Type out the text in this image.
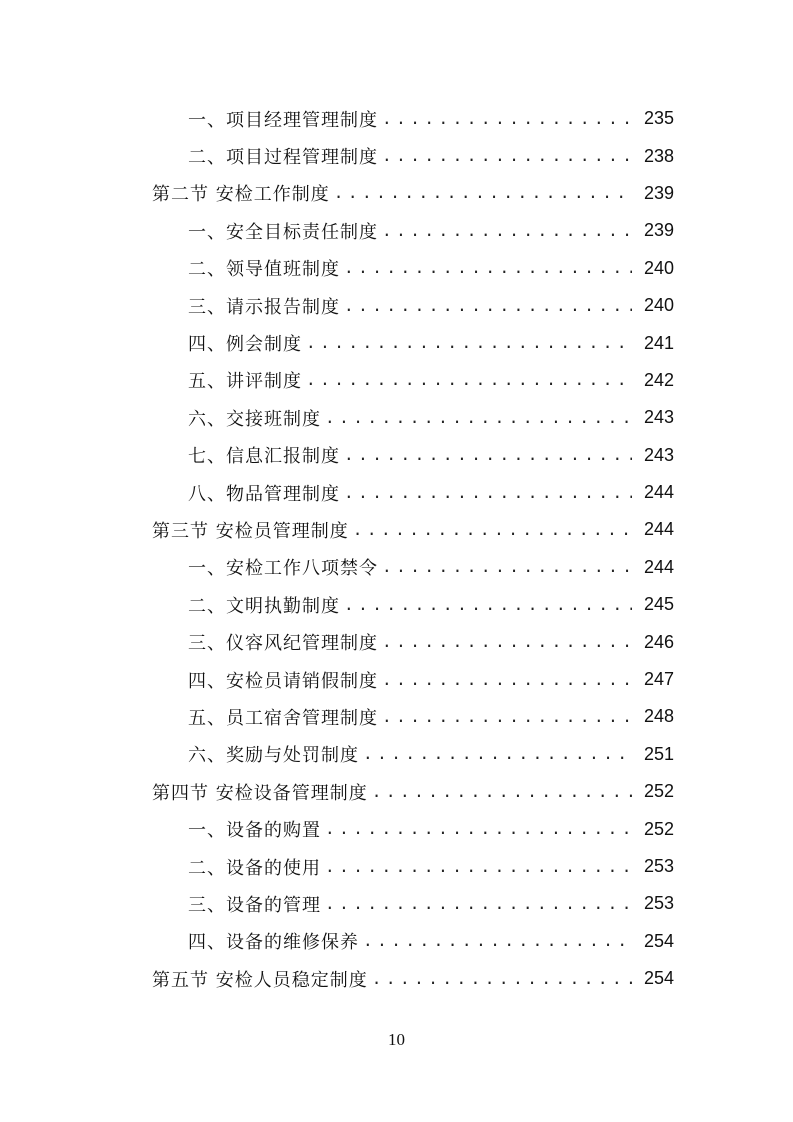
一、项目经理管理制度 .....	235
二、项目过程管理制度 .....	238
第二节 安检工作制度 .....	239
一、安全目标责任制度 .....	239
二、领导值班制度 .....	240
三、请示报告制度 .....	240
四、例会制度 .....	241
五、讲评制度 .....	242
六、交接班制度 .....	243
七、信息汇报制度 .....	243
八、物品管理制度 .....	244
第三节 安检员管理制度 .....	244
一、安检工作八项禁令 .....	244
二、文明执勤制度 .....	245
三、仪容风纪管理制度 .....	246
四、安检员请销假制度 .....	247
五、员工宿舍管理制度 .....	248
六、奖励与处罚制度 .....	251
第四节 安检设备管理制度 .....	252
一、设备的购置 .....	252
二、设备的使用 .....	253
三、设备的管理 .....	253
四、设备的维修保养 .....	254
第五节 安检人员稳定制度 .....	254
10
